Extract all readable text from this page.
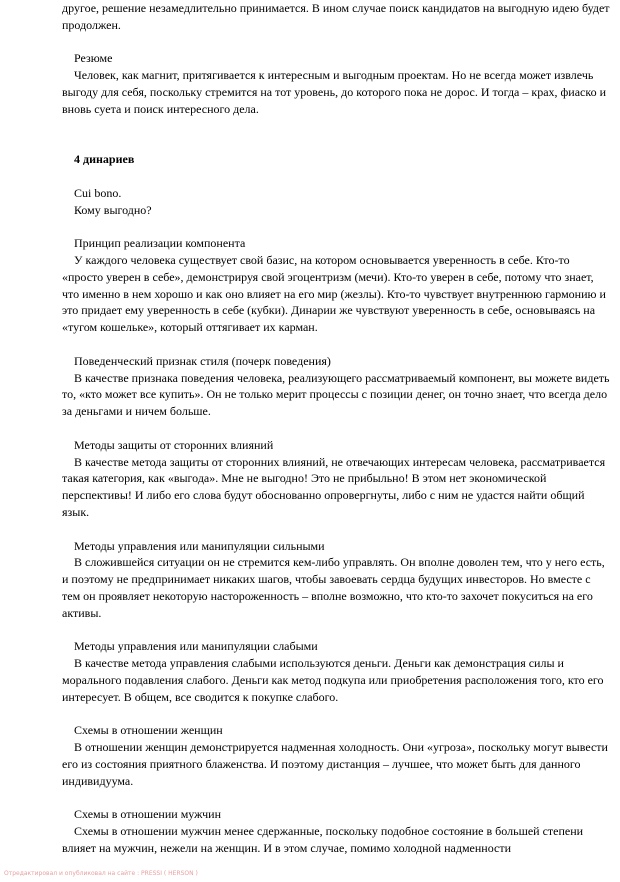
другое, решение незамедлительно принимается. В ином случае поиск кандидатов на выгодную идею будет продолжен.

Резюме

Человек, как магнит, притягивается к интересным и выгодным проектам. Но не всегда может извлечь выгоду для себя, поскольку стремится на тот уровень, до которого пока не дорос. И тогда – крах, фиаско и вновь суета и поиск интересного дела.

4 динариев

Cui bono.

Кому выгодно?

Принцип реализации компонента

У каждого человека существует свой базис, на котором основывается уверенность в себе. Кто-то «просто уверен в себе», демонстрируя свой эгоцентризм (мечи). Кто-то уверен в себе, потому что знает, что именно в нем хорошо и как оно влияет на его мир (жезлы). Кто-то чувствует внутреннюю гармонию и это придает ему уверенность в себе (кубки). Динарии же чувствуют уверенность в себе, основываясь на «тугом кошельке», который оттягивает их карман.

Поведенческий признак стиля (почерк поведения)

В качестве признака поведения человека, реализующего рассматриваемый компонент, вы можете видеть то, «кто может все купить». Он не только мерит процессы с позиции денег, он точно знает, что всегда дело за деньгами и ничем больше.

Методы защиты от сторонних влияний

В качестве метода защиты от сторонних влияний, не отвечающих интересам человека, рассматривается такая категория, как «выгода». Мне не выгодно! Это не прибыльно! В этом нет экономической перспективы! И либо его слова будут обоснованно опровергнуты, либо с ним не удастся найти общий язык.

Методы управления или манипуляции сильными

В сложившейся ситуации он не стремится кем-либо управлять. Он вполне доволен тем, что у него есть, и поэтому не предпринимает никаких шагов, чтобы завоевать сердца будущих инвесторов. Но вместе с тем он проявляет некоторую настороженность – вполне возможно, что кто-то захочет покуситься на его активы.

Методы управления или манипуляции слабыми

В качестве метода управления слабыми используются деньги. Деньги как демонстрация силы и морального подавления слабого. Деньги как метод подкупа или приобретения расположения того, кто его интересует. В общем, все сводится к покупке слабого.

Схемы в отношении женщин

В отношении женщин демонстрируется надменная холодность. Они «угроза», поскольку могут вывести его из состояния приятного блаженства. И поэтому дистанция – лучшее, что может быть для данного индивидуума.

Схемы в отношении мужчин

Схемы в отношении мужчин менее сдержанные, поскольку подобное состояние в большей степени влияет на мужчин, нежели на женщин. И в этом случае, помимо холодной надменности

Отредактировал и опубликовал на сайте : PRESSI ( HERSON )
